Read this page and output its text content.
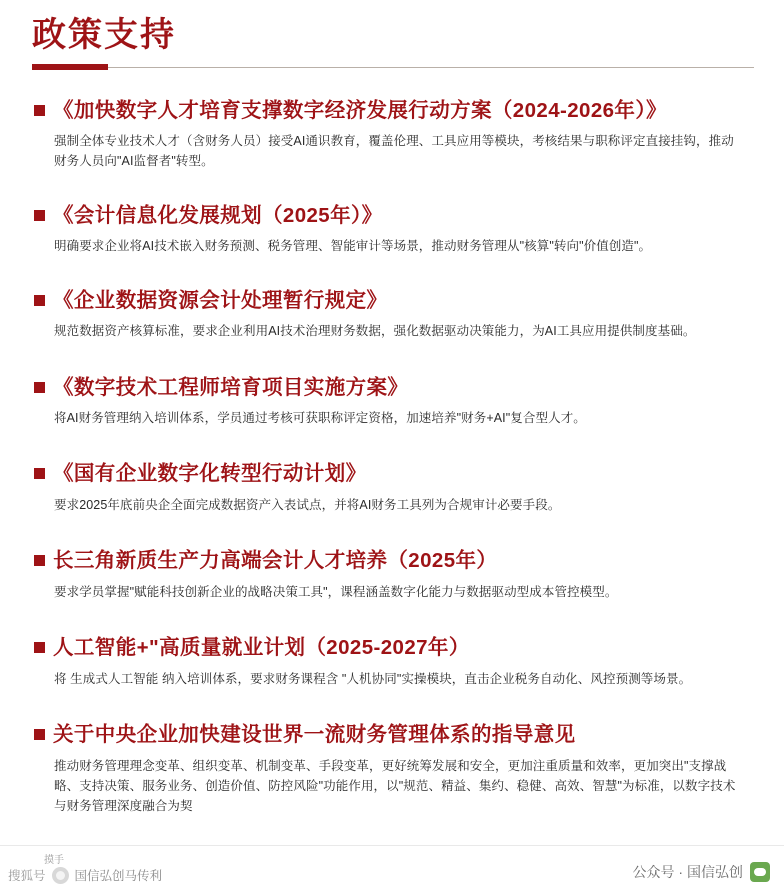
政策支持
《加快数字人才培育支撑数字经济发展行动方案（2024-2026年）》
强制全体专业技术人才（含财务人员）接受AI通识教育，覆盖伦理、工具应用等模块，考核结果与职称评定直接挂钩，推动财务人员向"AI监督者"转型。
《会计信息化发展规划（2025年）》
明确要求企业将AI技术嵌入财务预测、税务管理、智能审计等场景，推动财务管理从"核算"转向"价值创造"。
《企业数据资源会计处理暂行规定》
规范数据资产核算标准，要求企业利用AI技术治理财务数据，强化数据驱动决策能力，为AI工具应用提供制度基础。
《数字技术工程师培育项目实施方案》
将AI财务管理纳入培训体系，学员通过考核可获职称评定资格，加速培养"财务+AI"复合型人才。
《国有企业数字化转型行动计划》
要求2025年底前央企全面完成数据资产入表试点，并将AI财务工具列为合规审计必要手段。
长三角新质生产力高端会计人才培养（2025年）
要求学员掌握"赋能科技创新企业的战略决策工具"，课程涵盖数字化能力与数据驱动型成本管控模型。
人工智能+"高质量就业计划（2025-2027年）
将 生成式人工智能 纳入培训体系，要求财务课程含 "人机协同"实操模块，直击企业税务自动化、风控预测等场景。
关于中央企业加快建设世界一流财务管理体系的指导意见
推动财务管理理念变革、组织变革、机制变革、手段变革，更好统筹发展和安全，更加注重质量和效率，更加突出"支撑战略、支持决策、服务业务、创造价值、防控风险"功能作用，以"规范、精益、集约、稳健、高效、智慧"为标准，以数字技术与财务管理深度融合为契
摸手
搜狐号 国信弘创马传利	公众号 · 国信弘创
